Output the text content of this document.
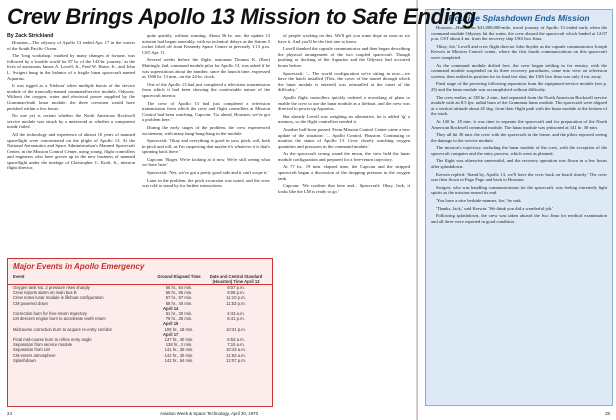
Crew Brings Apollo 13 Mission to Safe Ending
By Zack Strickland

Houston—The odyssey of Apollo 13 ended Apr. 17 in the waters of the South Pacific Ocean.

The 'long workshop,' marked by many changes of fortune, was followed by a 'trouble world for 87 hr. of the 143-hr. journey,' as the lives of astronauts James A. Lovell, Jr., Fred W. Haise, Jr., and John L. Swigert hung in the balance of a fragile lunar spacecraft named Aquarius.

It was rigged as a 'lifeboat' when multiple bursts of the service module of the ironically-named command/service module, Odyssey. Without the oxygen, water and electrical power supplied by the Grumman-built lunar module, the three crewmen would have perished within a few hours.

No one yet is certain whether the North American Rockwell service module was struck by a meteoroid or whether a component inside failed.

All the technology and experience of almost 10 years of manned spaceflight were concentrated on the plight of Apollo 13. At the National Aeronautics and Space Administration's Manned Spacecraft Center, in the Mission Control Center, using young, flight controllers and engineers who have grown up in the new business of manned spaceflight under the tutelage of Christopher C. Kraft, Jr., mission flight director.

quite quickly, without warning. About 56 hr. out, the update 13 mission had begun smoothly, with no technical delays as the Saturn 5 rocket lifted off from Kennedy Space Center at precisely 1:13 p.m. CST Apr. 11.

Several weeks before the flight, astronaut Thomas K. (Ken) Mattingly 2nd, command module pilot for Apollo 13, was asked if he was superstitious about the number, since the launch time, expressed as 1300 hr. 13 min., on the 24-hr. clock.

One of the Apollo 13 had just completed a television transmission from which it had been showing the comfortable nature of the spacecraft interior.

The crew of Apollo 13 had just completed a television transmission from which the crew and flight controllers at Mission Control had been watching. Capcom: 'Go ahead, Houston, we've got a problem here.'

During the early stages of the problem, the crew experienced excitement, with many bang-bang-bang in the module.

Spacecraft: 'Okay and everything is good in yaw, pitch, roll, both in pitch and roll, as I'm suspecting that maybe it's whatever it is that's spinning back there.'

Capcom: 'Roger. We're looking at it now. We're still seeing what we have here.'

Spacecraft: 'Yes, we've got a pretty good side and it can't scope it.'

Later in the problem, the pitch excursion was noted, and the crew was told to stand by for further instructions.

of people working on this. We'll get you some dope as soon as we have it. And you'll be the first one to know.

Lovell thanked the capsule communicator and then began describing the physical arrangement of the two coupled spacecraft. Though pushing or docking of the Aquarius and the Odyssey had occurred hours before.

Spacecraft: '... The world configuration we're sitting in now—we have the hatch installed (This, the cover of the tunnel through which the lunar module is entered) was reinstalled at the onset of the difficulty.'

Apollo flight controllers quickly ordered a reworking of plans to enable the crew to use the lunar module as a lifeboat, and the crew was directed to power up Aquarius.

But already Lovell was weighing an alternative, he is added 'ig' a memory, so the flight controllers needed it.

Another half-hour passed. From Mission Control Center came a new update of the situation: '... Apollo Control, Houston. Continuing to monitor the status of Apollo 13. Crew closely watching oxygen quantities and pressures in the command module.'

As the spacecraft swung round the moon, the crew held the lunar module configuration and prepared for a free-return trajectory.

At 77 hr., 19 min. elapsed time, the Capcom and the stripped spacecraft began a discussion of the dropping pressure in the oxygen tank.

Capcom: 'We confirm that here and... Spacecraft: Okay, Jack, it looks like the LM is ready to go.'

Major Events in Apollo Emergency
Event	Ground Elapsed Time	Date and Central Standard (Houston) Time April 13
Oxygen tank No. 2 pressure rises sharply	55 hr., 54 min.	9:07 p.m.
Crew reports alarm on main bus B	55 hr., 55 min.	9:08 p.m.
Crew notes lunar module is lifeboat configuration	57 hr., 57 min.	11:10 p.m.
CM powered down	58 hr., 40 min.	11:53 p.m.
April 14
Correction burn for free-return trajectory	61 hr., 30 min.	2:43 a.m.
LM descent engine burn to accelerate earth return	79 hr., 28 min.	8:41 p.m.
April 15
Midcourse correction burn to acquire re-entry corridor	105 hr., 18 min.	10:31 p.m.
April 17
Final mid-course burn to refine entry angle	137 hr., 40 min.	6:53 a.m.
Separation from service module	138 hr., 2 min.	7:15 a.m.
Separation from LM	141 hr., 30 min.	10:43 a.m.
CM enters atmosphere	142 hr., 40 min.	11:53 a.m.
Splashdown	142 hr., 54 min.	12:07 p.m.
24	Aviation Week & Space Technology, April 20, 1970
Routine Splashdown Ends Mission

Houston—Hazardous $41,000,000-mile, travel journey of Apollo 13 ended early when the command module Odyssey hit the water, the crew aboard the spacecraft which landed at 12:07 p.m. CST about 4 mi. from the recovery ship USS Iwo Jima.

'Okay, Joe,' Lovell and crew flight director John Snyder as the capsule communicator Joseph Kerwin in Mission Control center, where the first fourth communications on this spacecraft were completed.

As the command module drifted free, the crew began settling in for reentry, with the command module suspended on its three recovery parachutes, came into view on television screens, then settled in position for its final test shot, the USS Iwo Jima was only 4 mi. away.

Final stage of the powering following separation from the equipment-service module (see p. 25) and the lunar module was accomplished without difficulty.

The crew earlier, at 138 hr. 2 min., had separated from the North American Rockwell service module with an 8.5 fps. radial burn of the Grumman lunar module. The spacecraft were aligned at a vertical attitude about 45 deg. from their flight path with the lunar module at the bottom of the stack.

At 140 hr. 18 min. it was time to separate the spacecraft and for preparation of the North American Rockwell command module. The lunar module was jettisoned at 141 hr. 30 min.

They all hit 30 min. the crew with the spacecraft in the frame, and the pilots reported seeing the damage to the service module.

The mission's trajectory, including the lunar module of the crew, with the exception of the spacecraft computer and the entry process, which went as planned.

The flight was otherwise uneventful, and the recovery operation was flown in a few hours after splashdown.

Kerwin replied: 'Stand by, Apollo 13, we'll have the crew back on board shortly.' The crew was then flown to Pago Pago and back to Houston.

Swigert, who was handling communications for the spacecraft, was feeling extremely light spirits as the mission neared its end.

'You have a nice bedside manner, Joe,' he said.

'Thanks, Jack,' said Kerwin. 'We think you did a wonderful job.'

Following splashdown, the crew was taken aboard the Iwo Jima for medical examination and all three were reported in good condition.

25
